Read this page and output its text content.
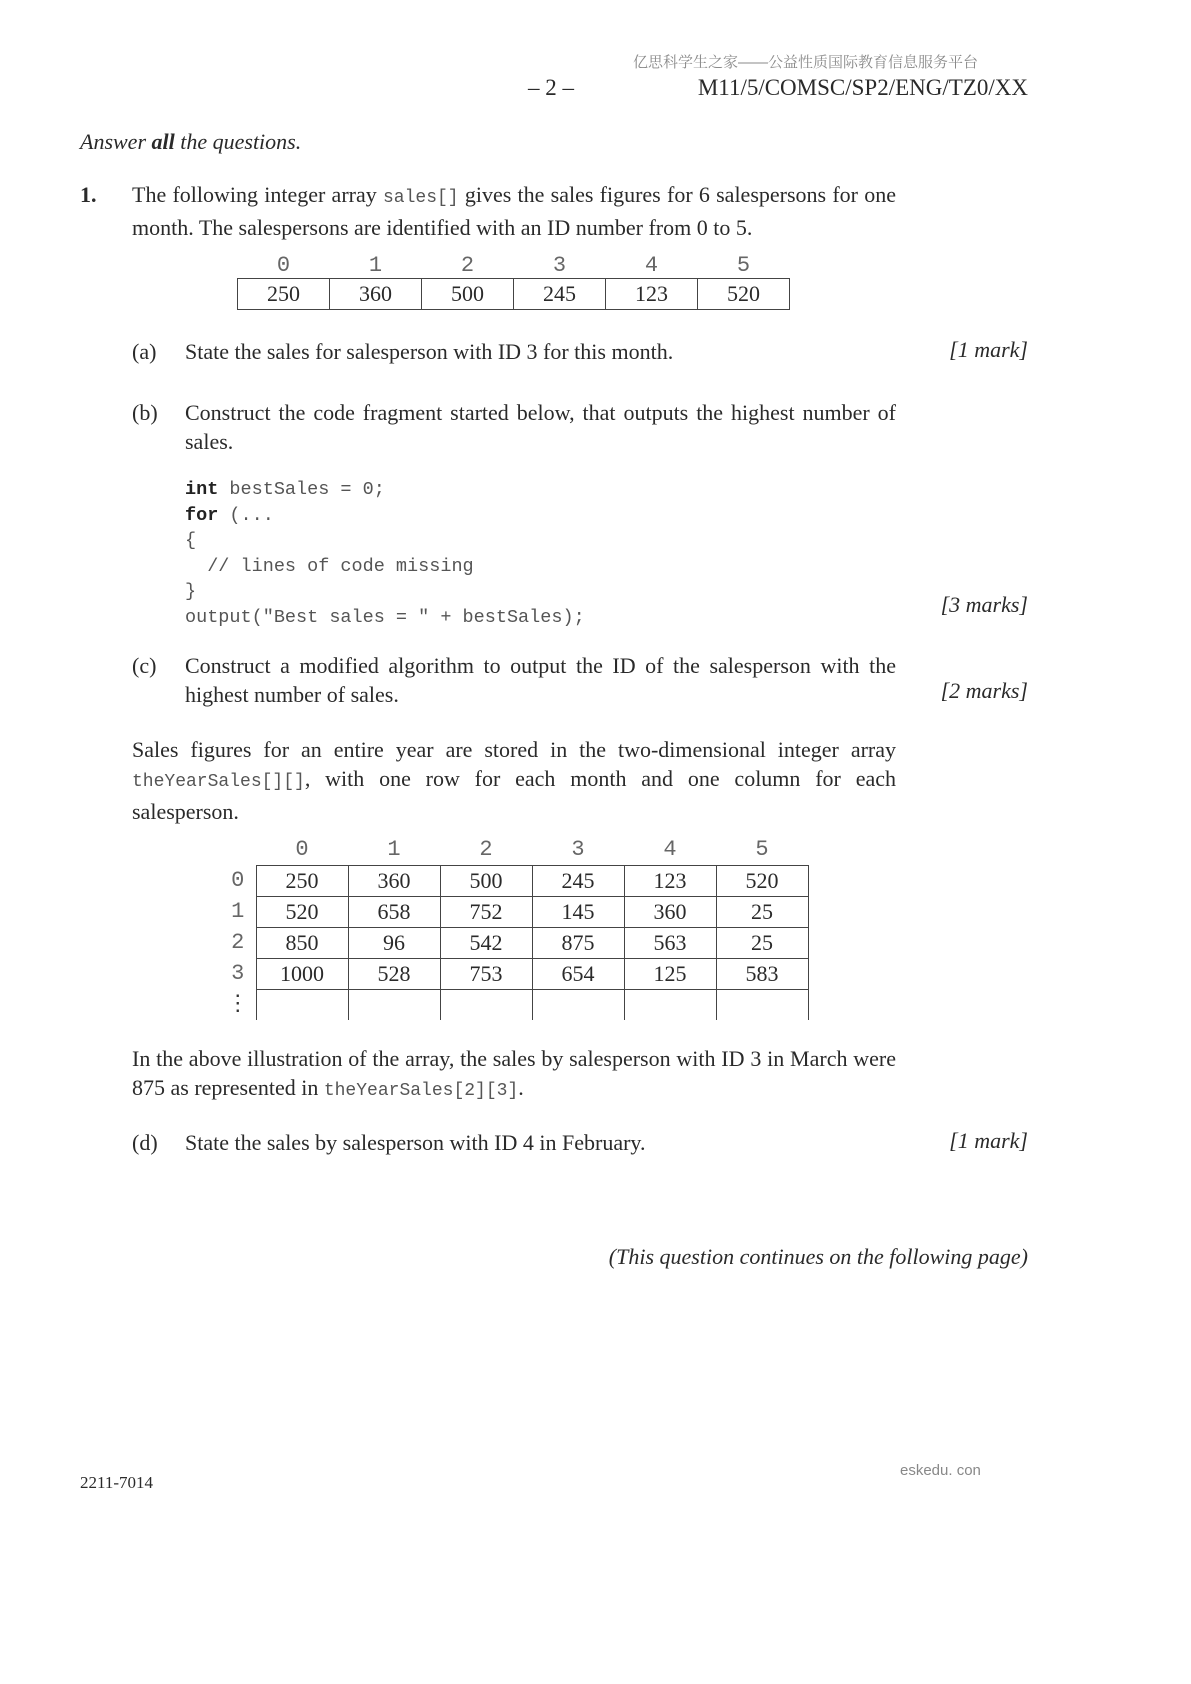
亿思科学生之家——公益性质国际教育信息服务平台
– 2 –	M11/5/COMSC/SP2/ENG/TZ0/XX
Answer all the questions.
1. The following integer array sales[] gives the sales figures for 6 salespersons for one month. The salespersons are identified with an ID number from 0 to 5.
0	1	2	3	4	5
250	360	500	245	123	520
(a) State the sales for salesperson with ID 3 for this month.	[1 mark]
(b) Construct the code fragment started below, that outputs the highest number of sales.
int bestSales = 0;
for (...
{
// lines of code missing
}
output("Best sales = " + bestSales);	[3 marks]
(c) Construct a modified algorithm to output the ID of the salesperson with the highest number of sales.	[2 marks]
Sales figures for an entire year are stored in the two-dimensional integer array theYearSales[][], with one row for each month and one column for each salesperson.
	0	1	2	3	4	5
0	250	360	500	245	123	520
1	520	658	752	145	360	25
2	850	96	542	875	563	25
3	1000	528	753	654	125	583
⋮						
In the above illustration of the array, the sales by salesperson with ID 3 in March were 875 as represented in theYearSales[2][3].
(d) State the sales by salesperson with ID 4 in February.	[1 mark]
(This question continues on the following page)
2211-7014
eskedu. con
